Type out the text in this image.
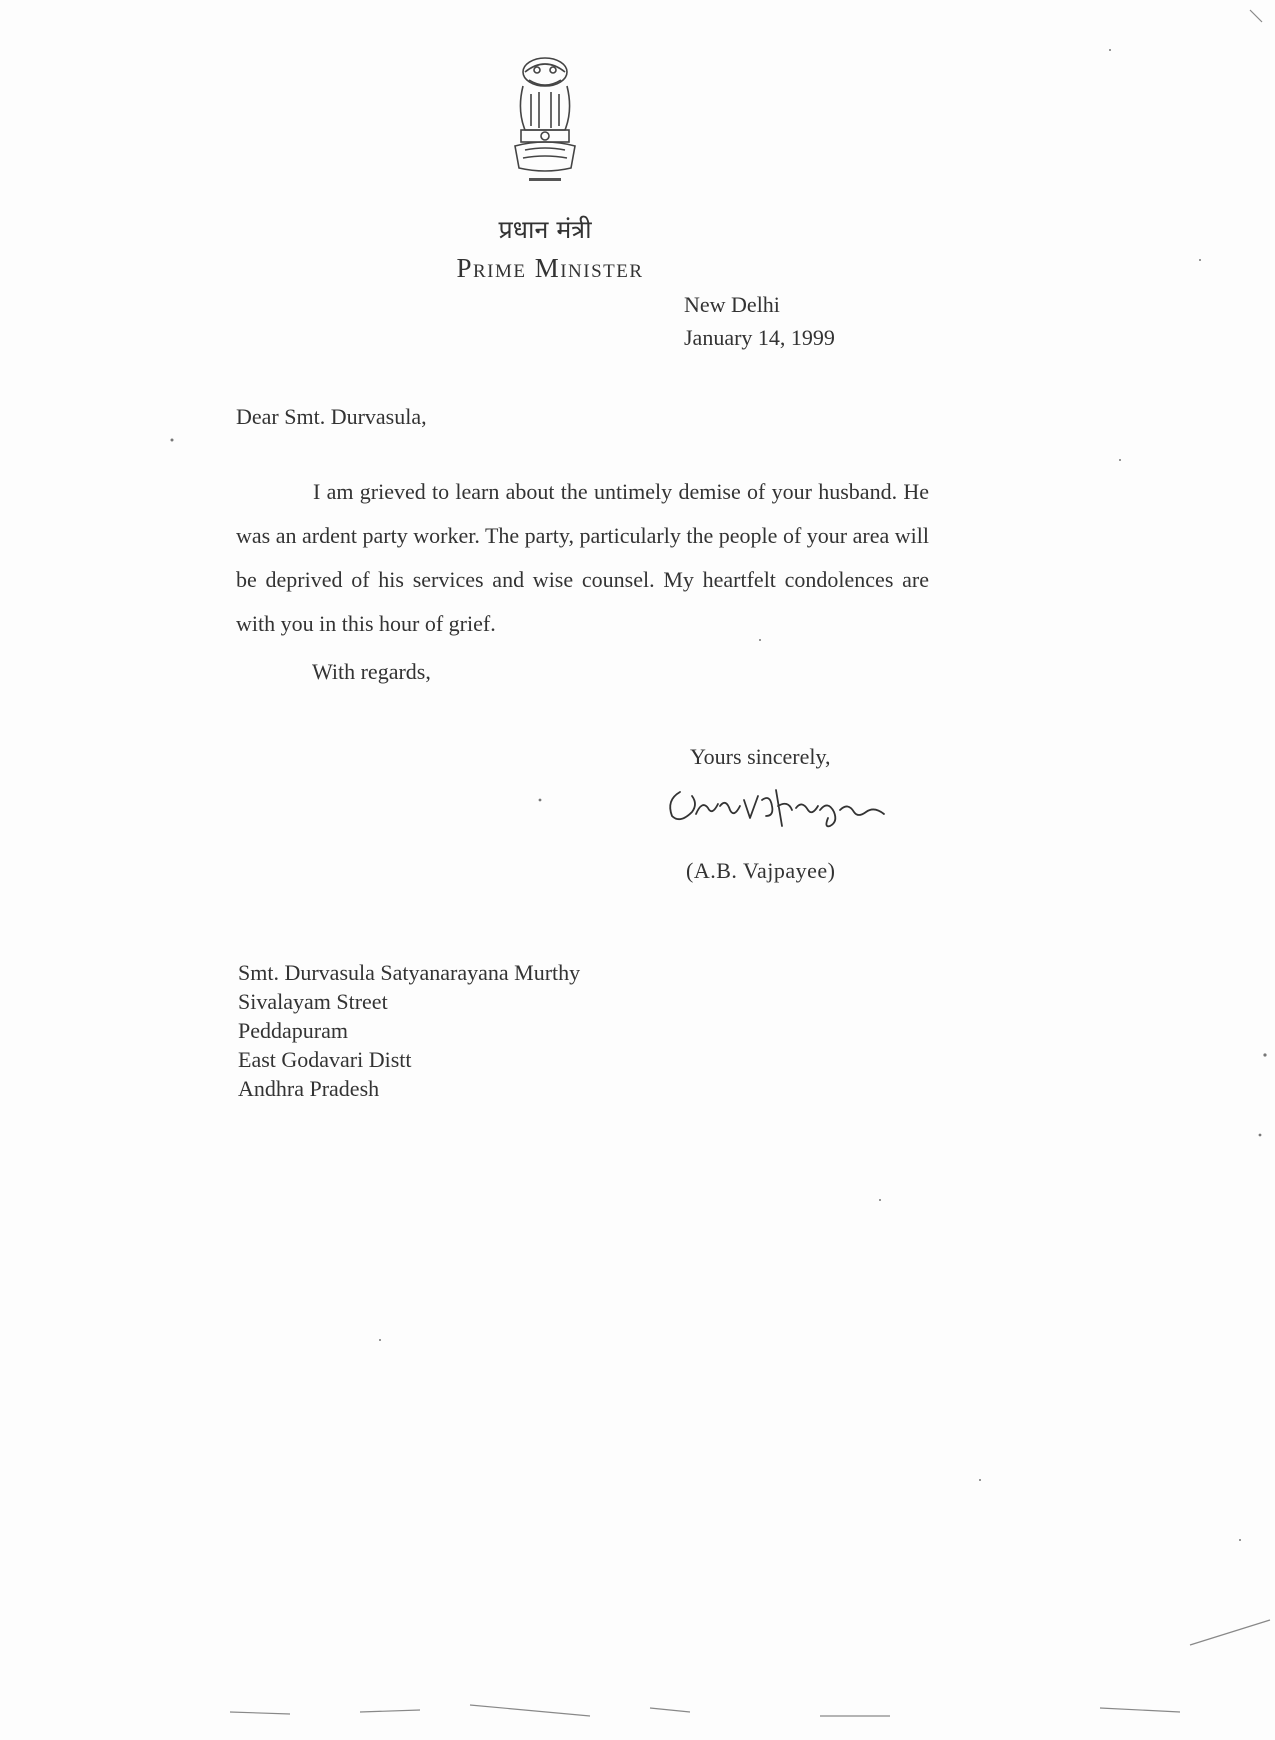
प्रधान मंत्री
Prime Minister
New Delhi
January 14, 1999
Dear Smt. Durvasula,

I am grieved to learn about the untimely demise of your husband. He was an ardent party worker. The party, particularly the people of your area will be deprived of his services and wise counsel. My heartfelt condolences are with you in this hour of grief.

With regards,
Yours sincerely,
(A.B. Vajpayee)
Smt. Durvasula Satyanarayana Murthy
Sivalayam Street
Peddapuram
East Godavari Distt
Andhra Pradesh
